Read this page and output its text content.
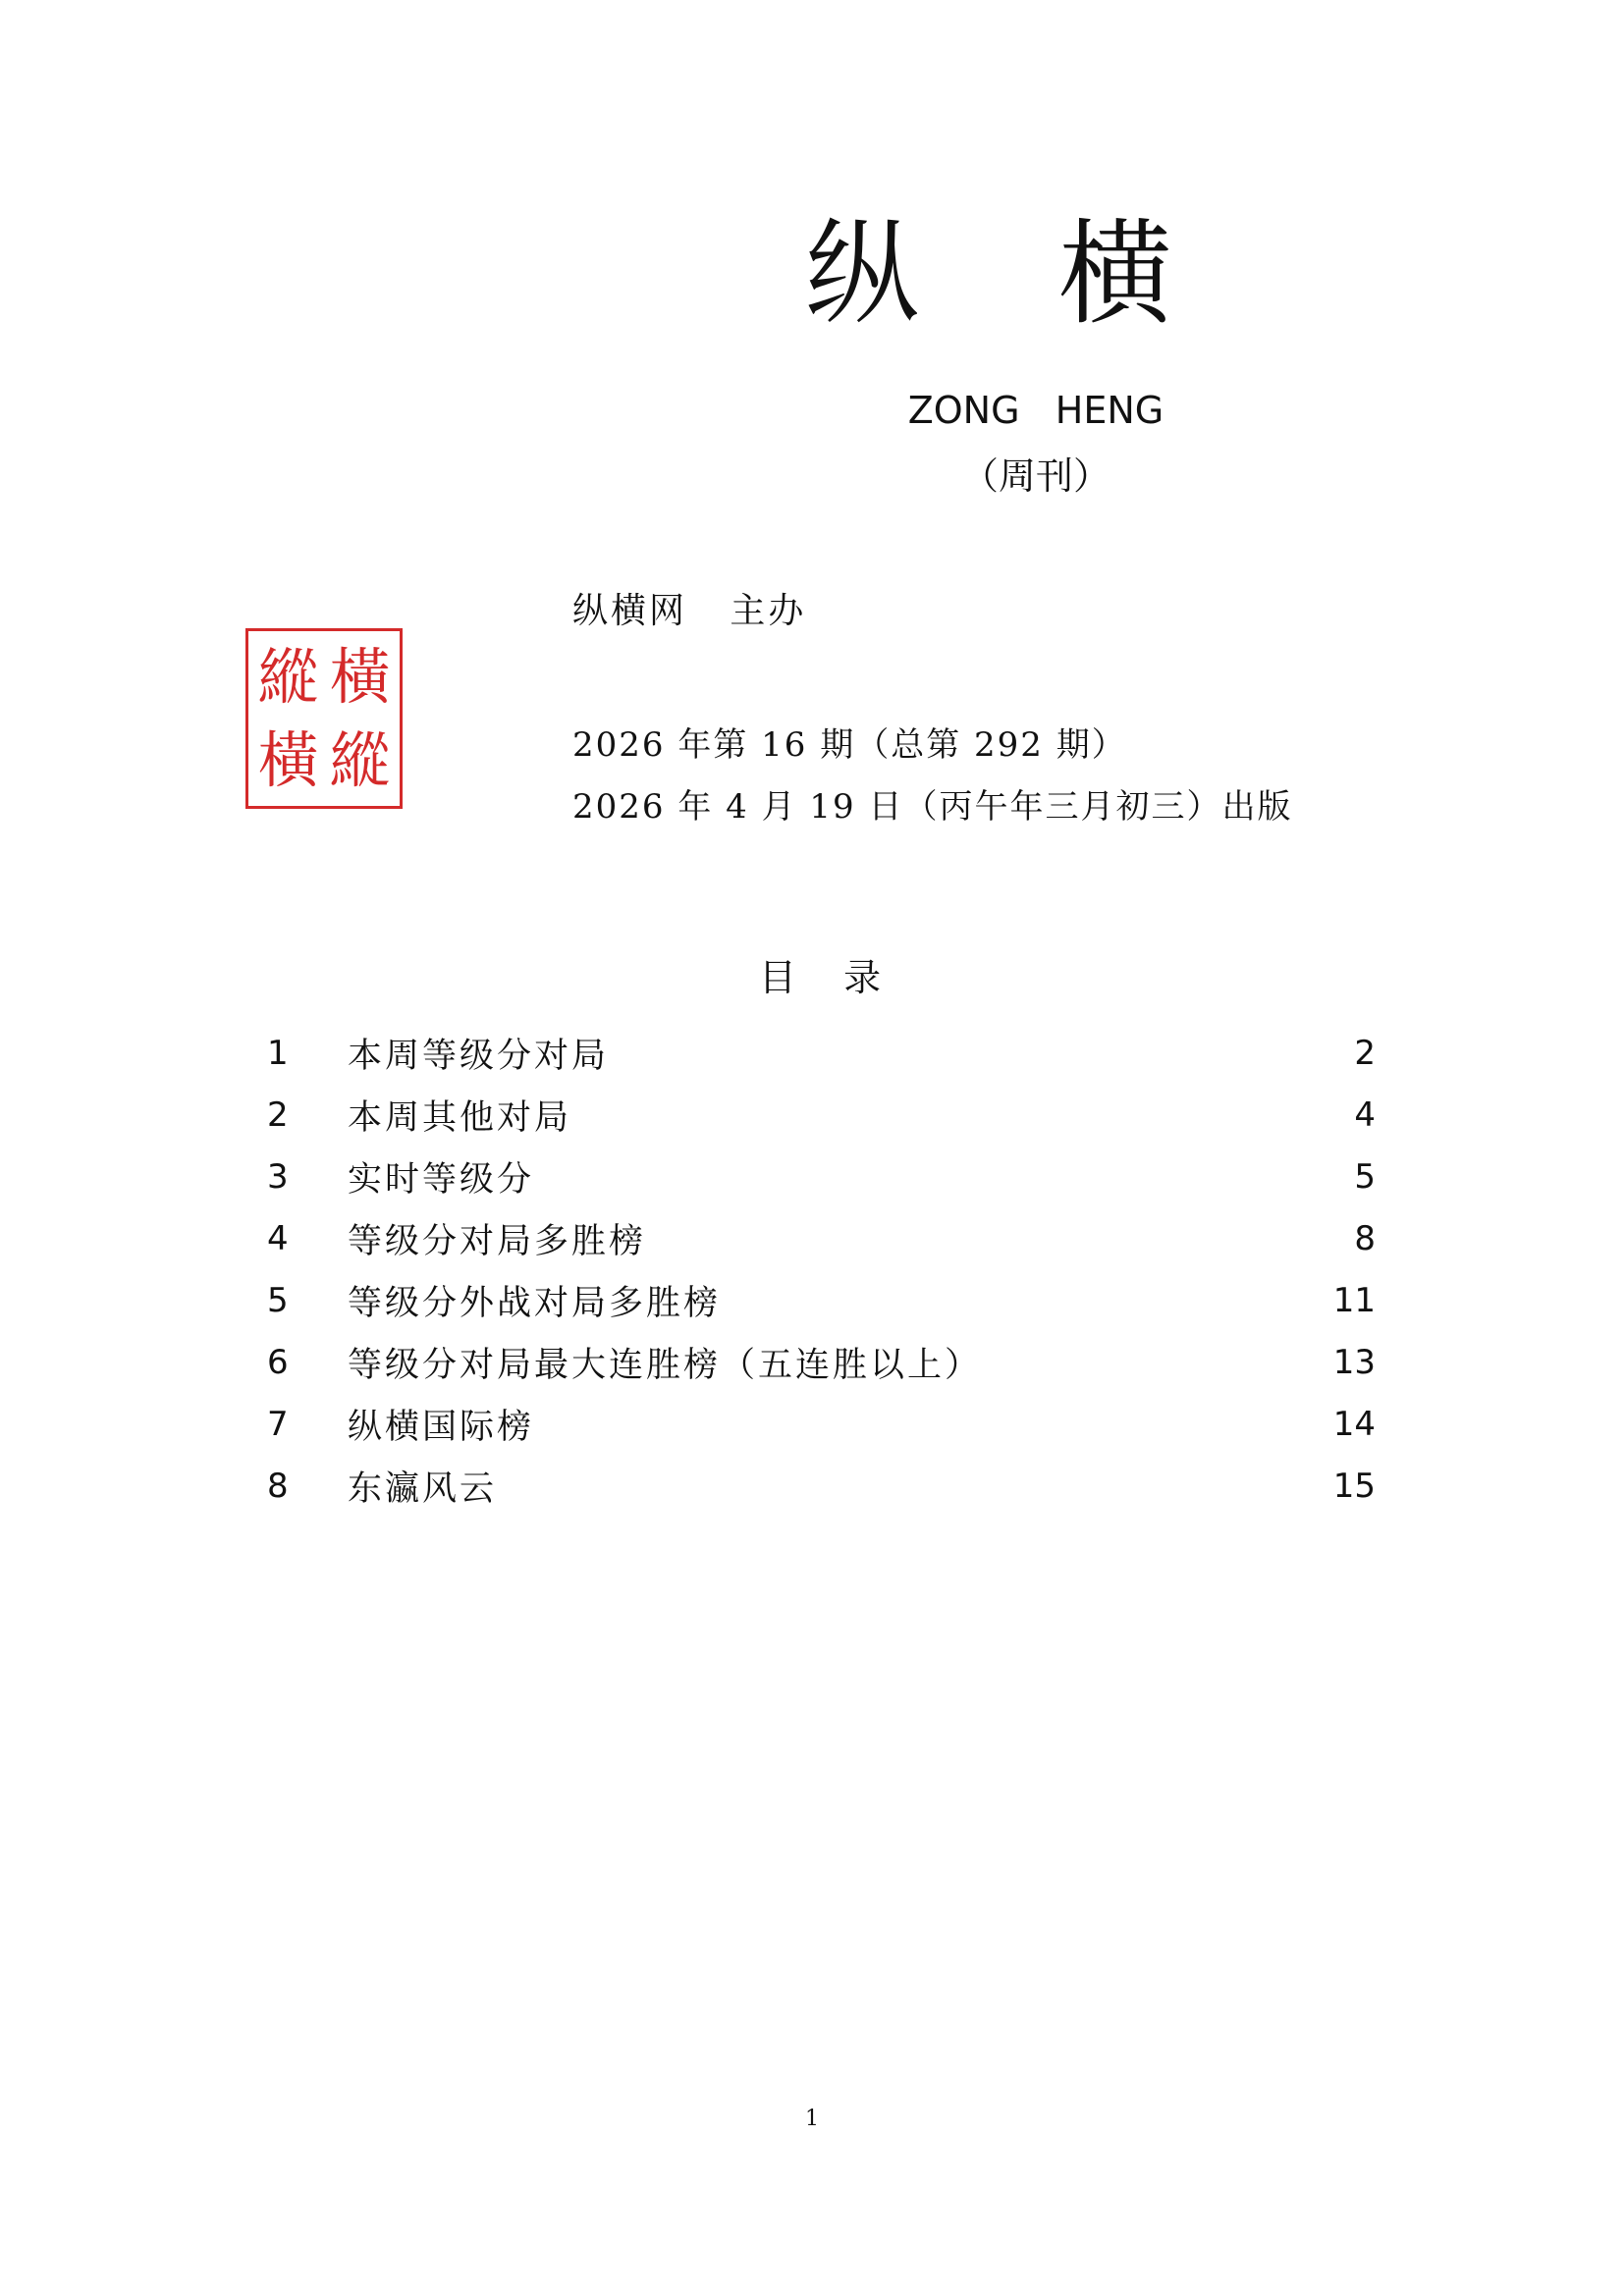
纵 横

ZONG   HENG

（周刊）

縱 橫
橫 縱

纵横网   主办

2026 年第 16 期（总第 292 期）

2026 年 4 月 19 日（丙午年三月初三）出版

目    录

1	本周等级分对局	2
2	本周其他对局	4
3	实时等级分	5
4	等级分对局多胜榜	8
5	等级分外战对局多胜榜	11
6	等级分对局最大连胜榜（五连胜以上）	13
7	纵横国际榜	14
8	东瀛风云	15

1
